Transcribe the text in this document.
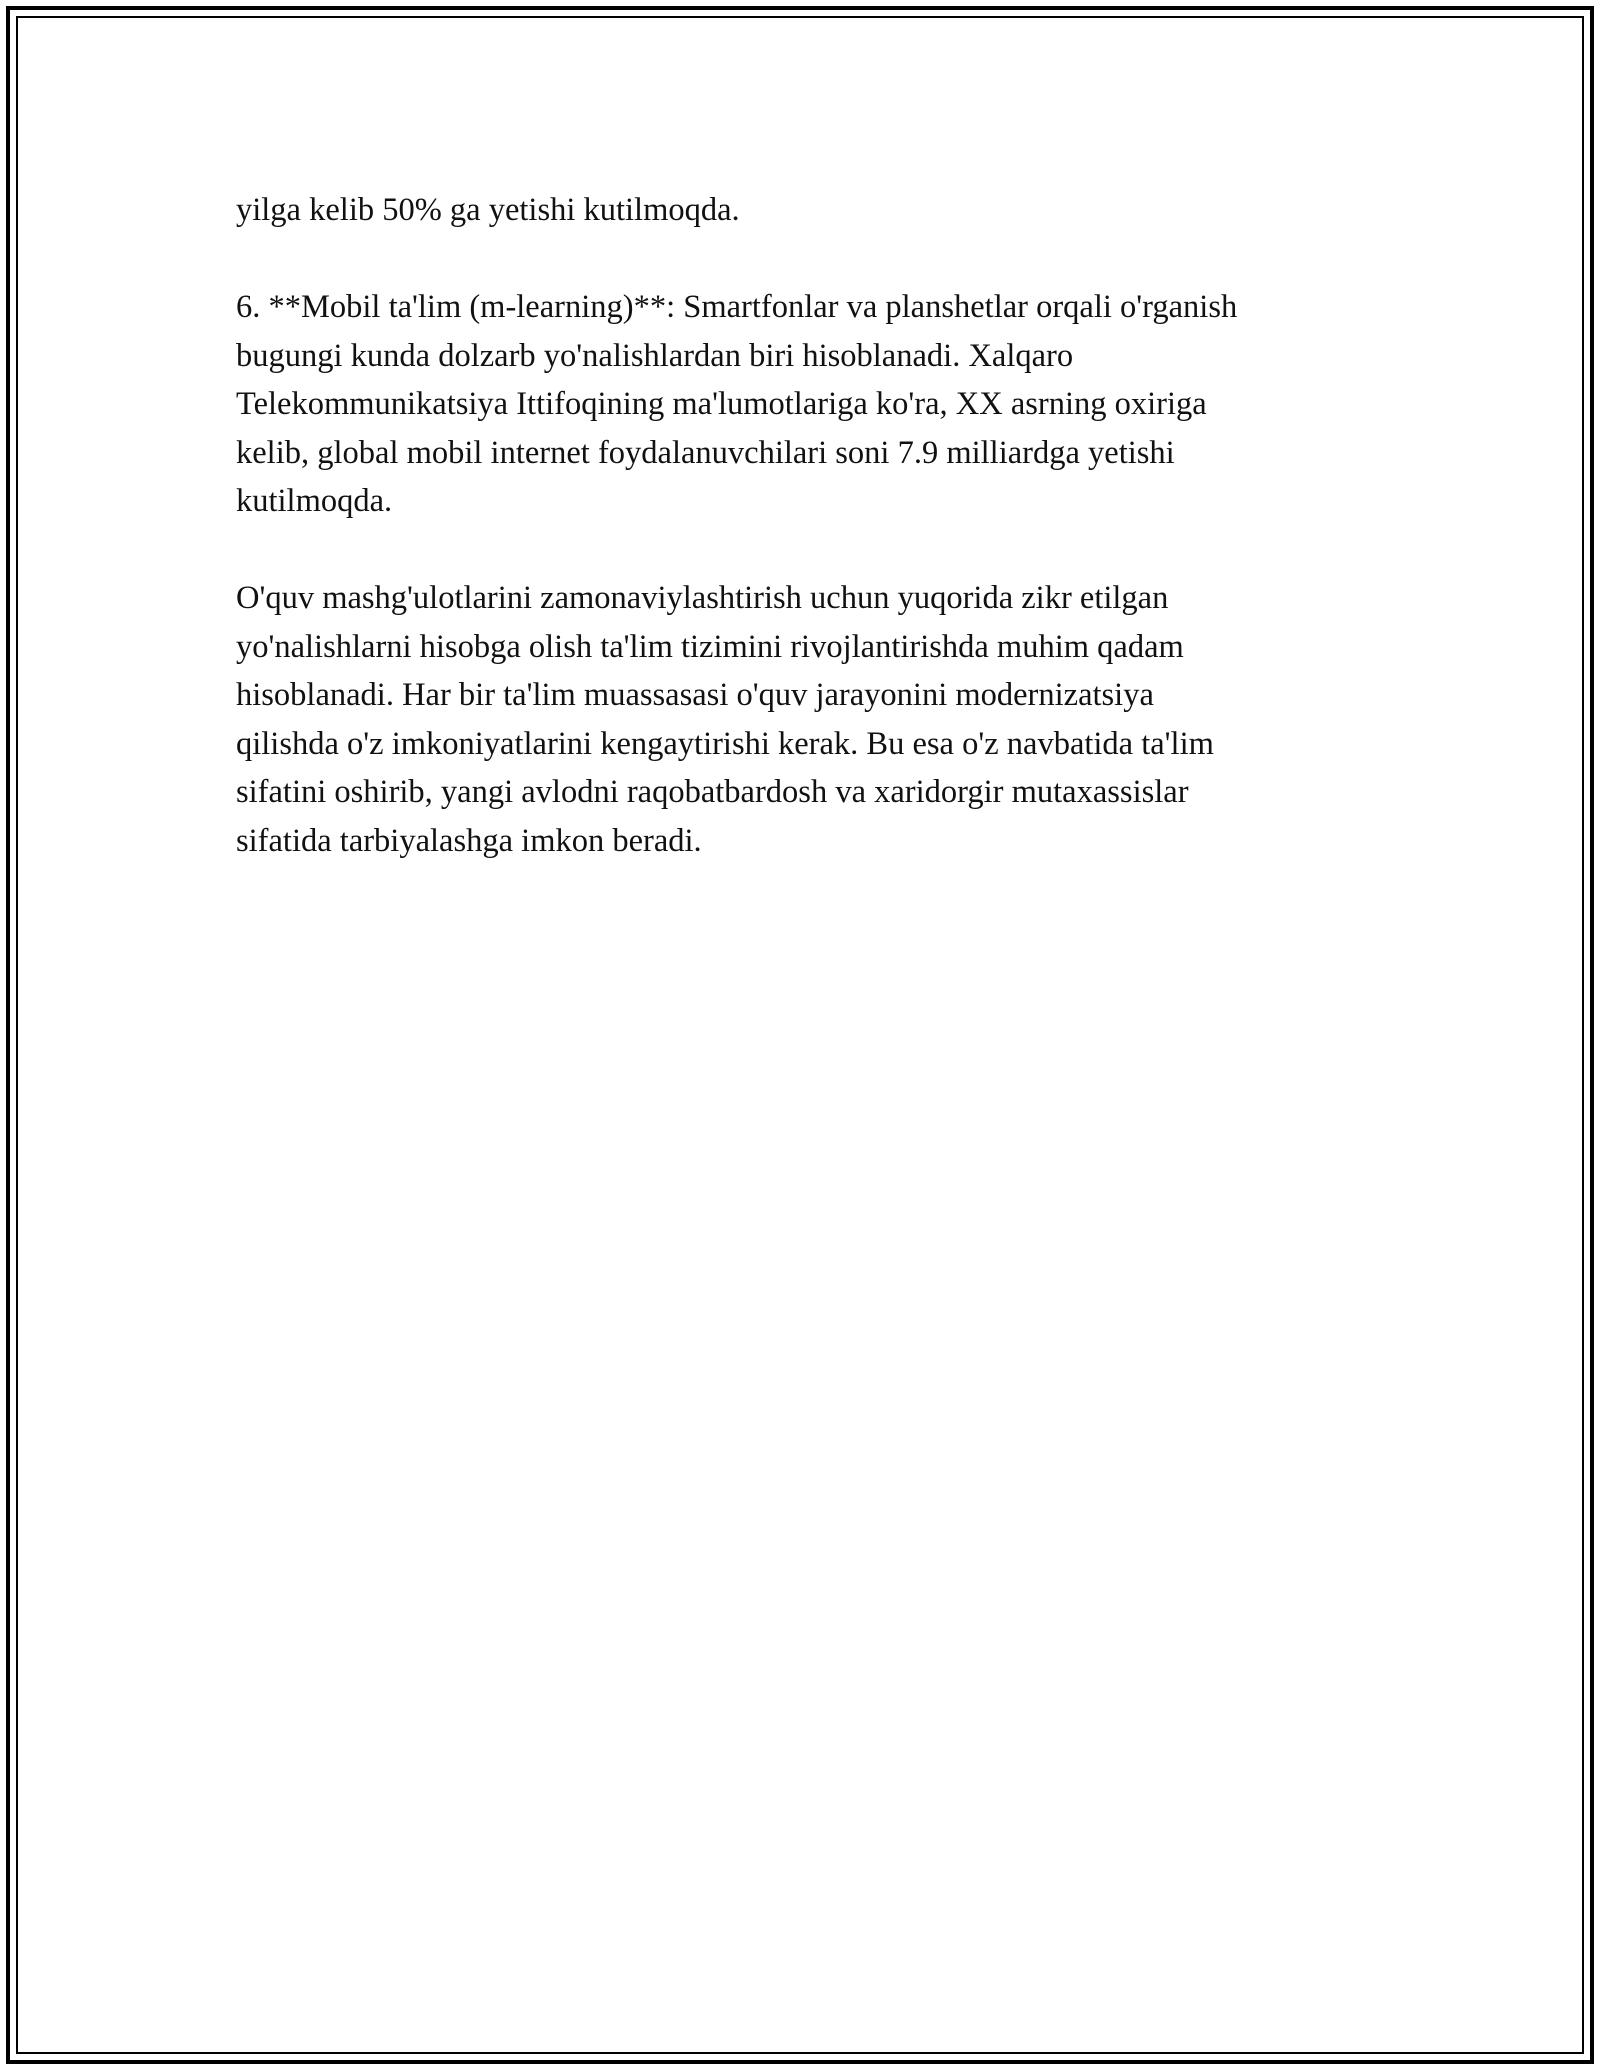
yilga kelib 50% ga yetishi kutilmoqda.

6. **Mobil ta'lim (m-learning)**: Smartfonlar va planshetlar orqali o'rganish
bugungi kunda dolzarb yo'nalishlardan biri hisoblanadi. Xalqaro
Telekommunikatsiya Ittifoqining ma'lumotlariga ko'ra, XX asrning oxiriga
kelib, global mobil internet foydalanuvchilari soni 7.9 milliardga yetishi
kutilmoqda.

O'quv mashg'ulotlarini zamonaviylashtirish uchun yuqorida zikr etilgan
yo'nalishlarni hisobga olish ta'lim tizimini rivojlantirishda muhim qadam
hisoblanadi. Har bir ta'lim muassasasi o'quv jarayonini modernizatsiya
qilishda o'z imkoniyatlarini kengaytirishi kerak. Bu esa o'z navbatida ta'lim
sifatini oshirib, yangi avlodni raqobatbardosh va xaridorgir mutaxassislar
sifatida tarbiyalashga imkon beradi.
